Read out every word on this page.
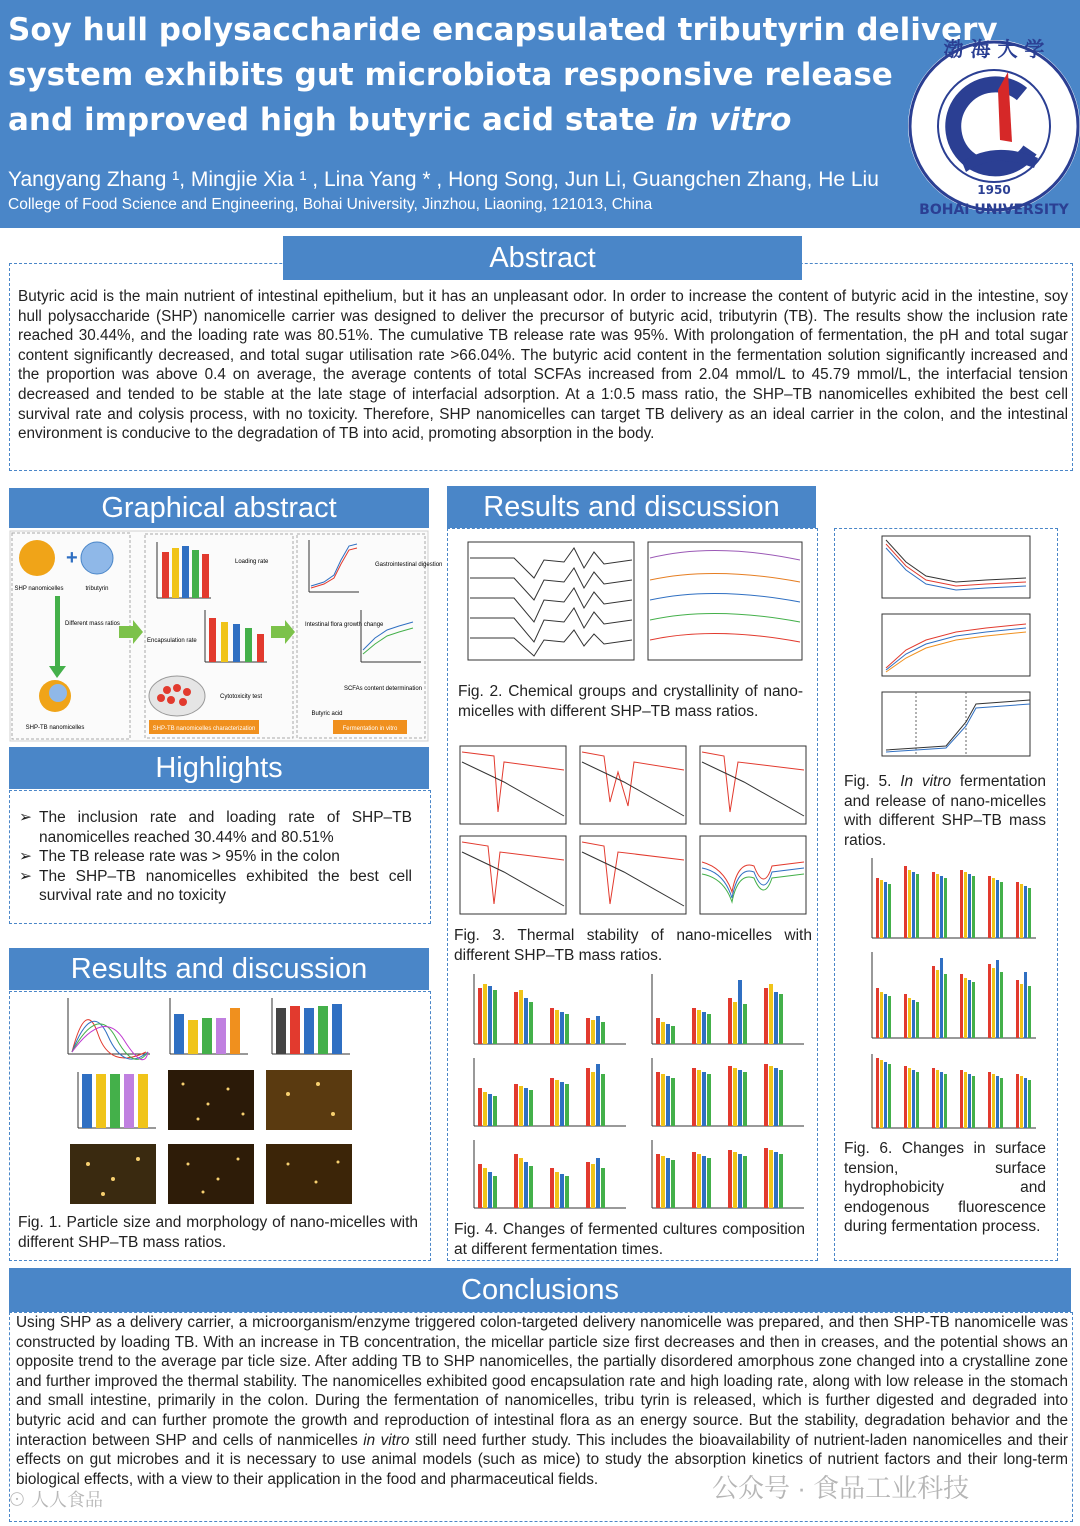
Soy hull polysaccharide encapsulated tributyrin delivery
system exhibits gut microbiota responsive release
and improved high butyric acid state in vitro
Yangyang Zhang ¹, Mingjie Xia ¹ , Lina Yang * , Hong Song, Jun Li, Guangchen Zhang, He Liu
College of Food Science and Engineering, Bohai University, Jinzhou, Liaoning, 121013, China
渤 海 大 学
1950
BOHAI UNIVERSITY
Abstract
Butyric acid is the main nutrient of intestinal epithelium, but it has an unpleasant odor. In order to increase the content of butyric acid in the intestine, soy hull polysaccharide (SHP) nanomicelle carrier was designed to deliver the precursor of butyric acid, tributyrin (TB). The results show the inclusion rate reached 30.44%, and the loading rate was 80.51%. The cumulative TB release rate was 95%. With prolongation of fermentation, the pH and total sugar content significantly decreased, and total sugar utilisation rate >66.04%. The butyric acid content in the fermentation solution significantly increased and the proportion was above 0.4 on average, the average contents of total SCFAs increased from 2.04 mmol/L to 45.79 mmol/L, the interfacial tension decreased and tended to be stable at the late stage of interfacial adsorption. At a 1:0.5 mass ratio, the SHP–TB nanomicelles exhibited the best cell survival rate and colysis process, with no toxicity. Therefore, SHP nanomicelles can target TB delivery as an ideal carrier in the colon, and the intestinal environment is conducive to the degradation of TB into acid, promoting absorption in the body.
Graphical abstract
+
SHP nanomicelles	tributyrin
Different mass ratios
SHP-TB nanomicelles
Loading rate
Encapsulation rate
Cytotoxicity test
SHP-TB nanomicelles characterization
Gastrointestinal digestion
Intestinal flora growth change
SCFAs content determination
Butyric acid
Fermentation in vitro
Highlights
➢ The inclusion rate and loading rate of SHP–TB nanomicelles reached 30.44% and 80.51%
➢ The TB release rate was > 95% in the colon
➢ The SHP–TB nanomicelles exhibited the best cell survival rate and no toxicity
Results and discussion
Fig. 1. Particle size and morphology of nano-micelles with different SHP–TB mass ratios.
Results and discussion
Fig. 2. Chemical groups and crystallinity of nano-micelles with different SHP–TB mass ratios.
Fig. 3. Thermal stability of nano-micelles with different SHP–TB mass ratios.
Fig. 4. Changes of fermented cultures composition at different fermentation times.
Fig. 5. In vitro fermentation and release of nano-micelles with different SHP–TB mass ratios.
Fig. 6. Changes in surface tension, surface hydrophobicity and endogenous fluorescence during fermentation process.
Conclusions
Using SHP as a delivery carrier, a microorganism/enzyme triggered colon-targeted delivery nanomicelle was prepared, and then SHP-TB nanomicelle was constructed by loading TB. With an increase in TB concentration, the micellar particle size first decreases and then in creases, and the potential shows an opposite trend to the average par ticle size. After adding TB to SHP nanomicelles, the partially disordered amorphous zone changed into a crystalline zone and further improved the thermal stability. The nanomicelles exhibited good encapsulation rate and high loading rate, along with low release in the stomach and small intestine, primarily in the colon. During the fermentation of nanomicelles, tribu tyrin is released, which is further digested and degraded into butyric acid and can further promote the growth and reproduction of intestinal flora as an energy source. But the stability, degradation behavior and the interaction between SHP and cells of nanmicelles in vitro still need further study. This includes the bioavailability of nutrient-laden nanomicelles and their effects on gut microbes and it is necessary to use animal models (such as mice) to study the absorption kinetics of nutrient factors and their long-term biological effects, with a view to their application in the food and pharmaceutical fields.
⊙ 人人食品	公众号 · 食品工业科技
